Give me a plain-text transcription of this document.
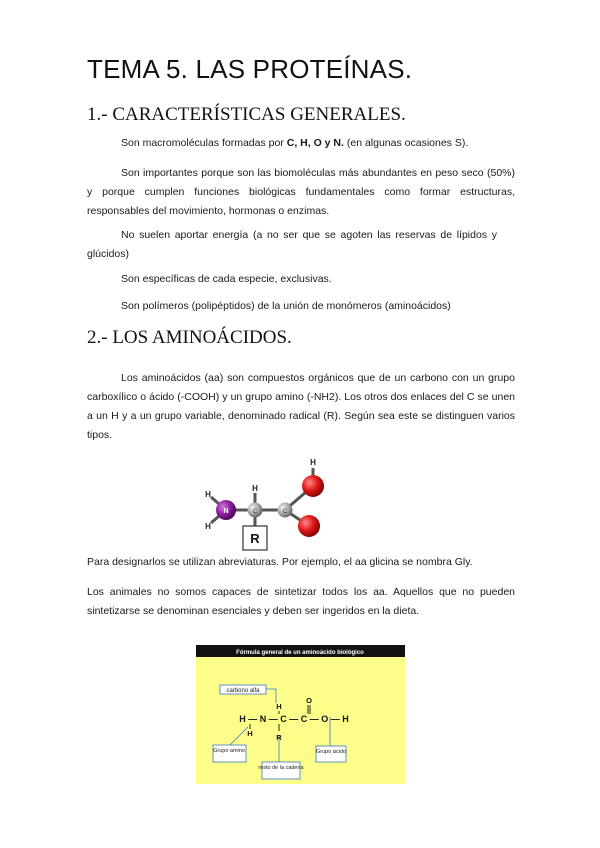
TEMA 5. LAS PROTEÍNAS.
1.- CARACTERÍSTICAS GENERALES.
Son macromoléculas formadas por C, H, O y N. (en algunas ocasiones S).
Son importantes porque son las biomoléculas más abundantes en peso seco (50%) y porque cumplen funciones biológicas fundamentales como formar estructuras, responsables del movimiento, hormonas o enzimas.
No suelen aportar energía (a no ser que se agoten las reservas de lípidos y glúcidos)
Son específicas de cada especie, exclusivas.
Son polímeros (polipéptidos) de la unión de monómeros (aminoácidos)
2.- LOS AMINOÁCIDOS.
Los aminoácidos (aa) son compuestos orgánicos que de un carbono con un grupo carboxílico o ácido (-COOH) y un grupo amino (-NH2). Los otros dos enlaces del C se unen a un H y a un grupo variable, denominado radical (R). Según sea este se distinguen varios tipos.
N	C	C
H
H
H
H
R
Para designarlos se utilizan abreviaturas. Por ejemplo, el aa glicina se nombra Gly.
Los animales no somos capaces de sintetizar todos los aa. Aquellos que no pueden sintetizarse se denominan esenciales y deben ser ingeridos en la dieta.
Fórmula general de un aminoácido biológico
carbono alfa
Grupo amino
resto de la cadena
Grupo ácido
H — N — C — C — O — H
H
R
H
O
